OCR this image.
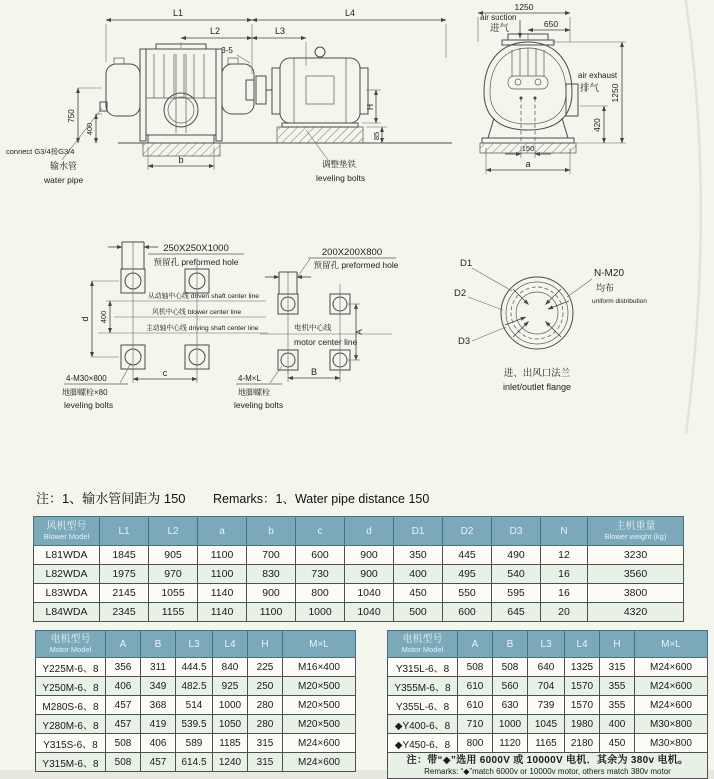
L1	L4
L2	L3
3-5
750
400
b
H
85
connect G3/4接G3/4
输水管
water pipe
调整垫铁
leveling bolts
1250
650
air suction
进气
air exhaust
排气 1250
420
150
a
250X250X1000
预留孔 preformed hole
从动轴中心线 driven shaft center line
风机中心线 blower center line
主动轴中心线 driving shaft center line
400
d
c
4-M30×800
地脚螺栓×80
leveling bolts
200X200X800
预留孔 preformed hole
电机中心线
motor center line
A
B
4-M×L
地脚螺栓
leveling bolts
D1
D2
D3
N-M20
均布
uniform distribution
进、出风口法兰
inlet/outlet flange
注：1、输水管间距为 150 Remarks：1、Water pipe distance 150
风机型号
Blower Model
	L1	L2	a	b	c	d	D1	D2	D3	N	主机重量
Blower weight (kg)

L81WDA	1845	905	1100	700	600	900	350	445	490	12	3230
L82WDA	1975	970	1100	830	730	900	400	495	540	16	3560
L83WDA	2145	1055	1140	900	800	1040	450	550	595	16	3800
L84WDA	2345	1155	1140	1100	1000	1040	500	600	645	20	4320
电机型号
Motor Model	A	B	L3	L4	H	M×L
Y225M-6、8	356	311	444.5	840	225	M16×400
Y250M-6、8	406	349	482.5	925	250	M20×500
M280S-6、8	457	368	514	1000	280	M20×500
Y280M-6、8	457	419	539.5	1050	280	M20×500
Y315S-6、8	508	406	589	1185	315	M24×600
Y315M-6、8	508	457	614.5	1240	315	M24×600
电机型号
Motor Model	A	B	L3	L4	H	M×L
Y315L-6、8	508	508	640	1325	315	M24×600
Y355M-6、8	610	560	704	1570	355	M24×600
Y355L-6、8	610	630	739	1570	355	M24×600
◆Y400-6、8	710	1000	1045	1980	400	M30×800
◆Y450-6、8	800	1120	1165	2180	450	M30×800

注：带“◆”选用 6000V 或 10000V 电机．其余为 380v 电机。
Remarks: “◆”match 6000v or 10000v motor, others match 380v motor						
